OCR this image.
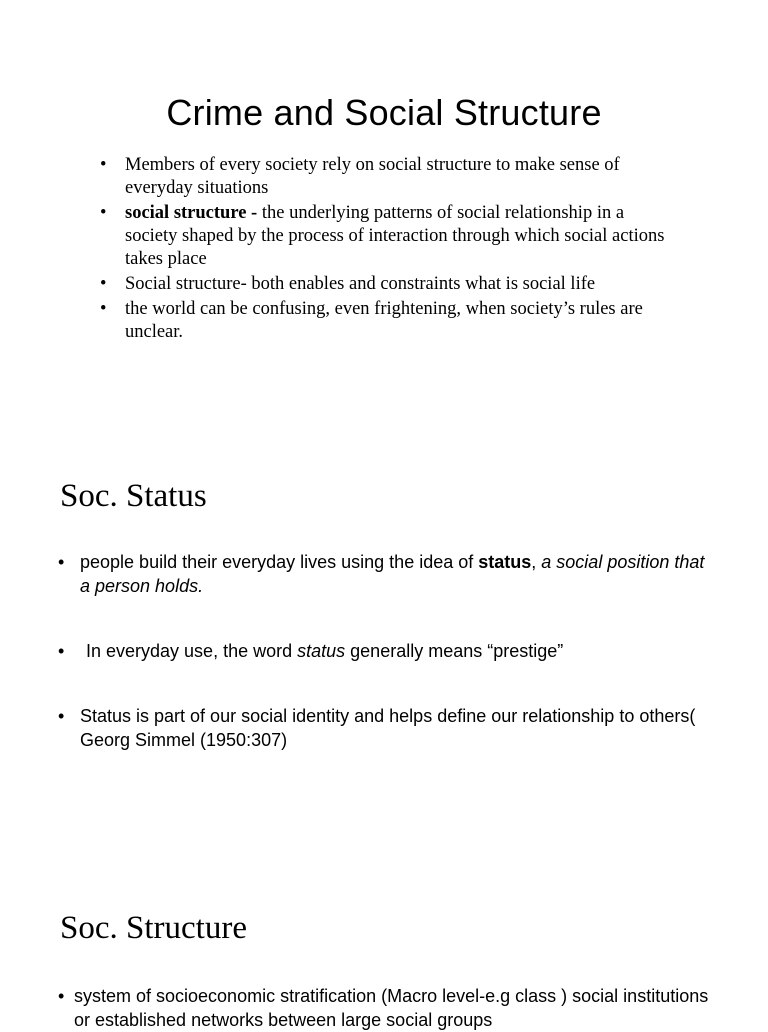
Crime and Social Structure
• Members of every society rely on social structure to make sense of everyday situations
• social structure - the underlying patterns of social relationship in a society shaped by the process of interaction through which social actions takes place
• Social structure- both enables and constraints what is social life
• the world can be confusing, even frightening, when society’s rules are unclear.
Soc. Status
• people build their everyday lives using the idea of status, a social position that a person holds.
• In everyday use, the word status generally means “prestige”
• Status is part of our social identity and helps define our relationship to others( Georg Simmel (1950:307)
Soc. Structure
• system of socioeconomic stratification (Macro level-e.g class ) social institutions or established networks between large social groups
